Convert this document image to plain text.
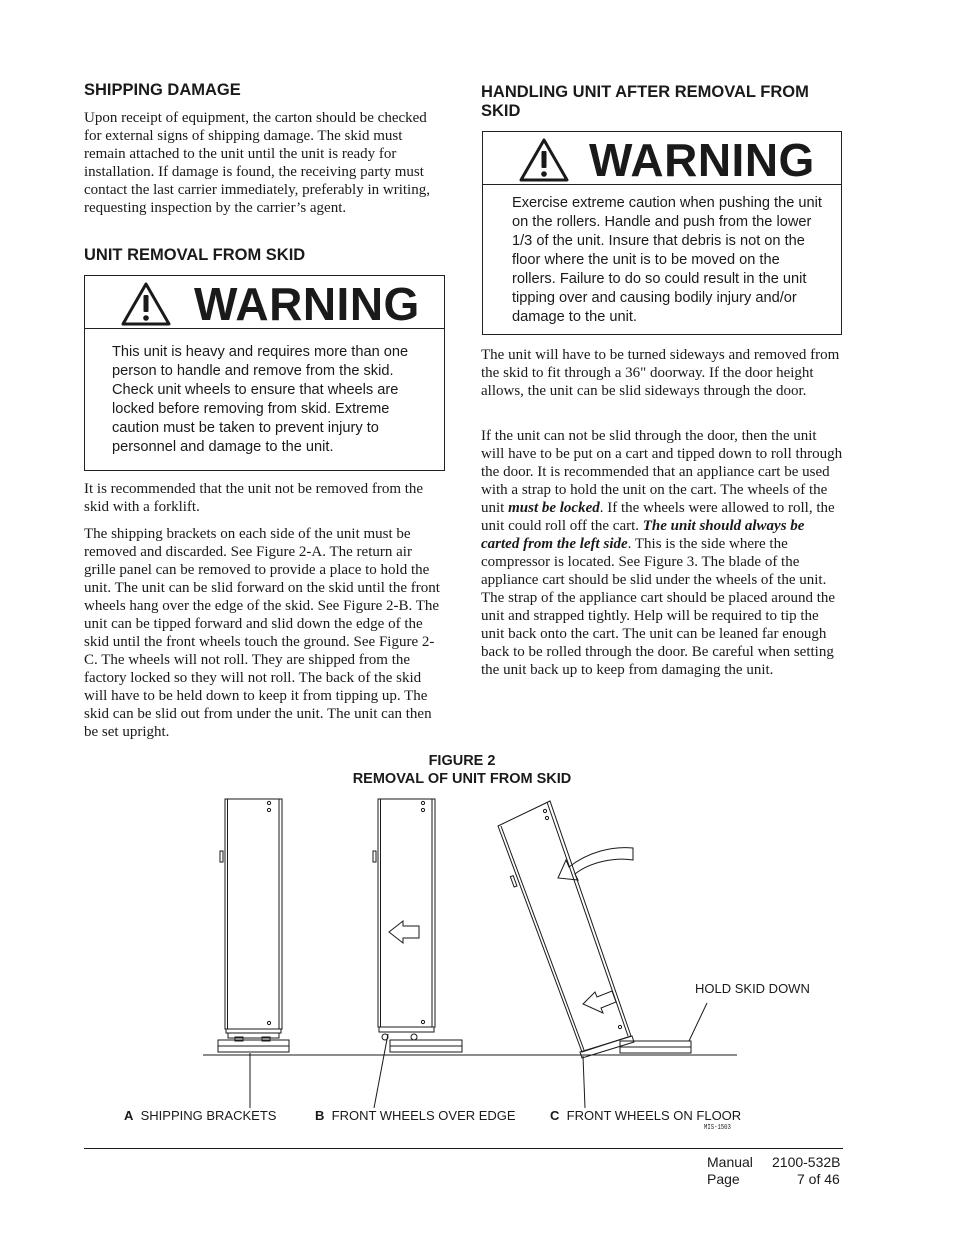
SHIPPING DAMAGE

Upon receipt of equipment, the carton should be checked for external signs of shipping damage. The skid must remain attached to the unit until the unit is ready for installation. If damage is found, the receiving party must contact the last carrier immediately, preferably in writing, requesting inspection by the carrier’s agent.

UNIT REMOVAL FROM SKID
WARNING
This unit is heavy and requires more than one person to handle and remove from the skid. Check unit wheels to ensure that wheels are locked before removing from skid. Extreme caution must be taken to prevent injury to personnel and damage to the unit.

It is recommended that the unit not be removed from the skid with a forklift.

The shipping brackets on each side of the unit must be removed and discarded. See Figure 2-A. The return air grille panel can be removed to provide a place to hold the unit. The unit can be slid forward on the skid until the front wheels hang over the edge of the skid. See Figure 2-B. The unit can be tipped forward and slid down the edge of the skid until the front wheels touch the ground. See Figure 2-C. The wheels will not roll. They are shipped from the factory locked so they will not roll. The back of the skid will have to be held down to keep it from tipping up. The skid can be slid out from under the unit. The unit can then be set upright.

HANDLING UNIT AFTER REMOVAL FROM SKID
WARNING
Exercise extreme caution when pushing the unit on the rollers. Handle and push from the lower 1/3 of the unit. Insure that debris is not on the floor where the unit is to be moved on the rollers. Failure to do so could result in the unit tipping over and causing bodily injury and/or damage to the unit.

The unit will have to be turned sideways and removed from the skid to fit through a 36" doorway. If the door height allows, the unit can be slid sideways through the door.

If the unit can not be slid through the door, then the unit will have to be put on a cart and tipped down to roll through the door. It is recommended that an appliance cart be used with a strap to hold the unit on the cart. The wheels of the unit must be locked. If the wheels were allowed to roll, the unit could roll off the cart. The unit should always be carted from the left side. This is the side where the compressor is located. See Figure 3. The blade of the appliance cart should be slid under the wheels of the unit. The strap of the appliance cart should be placed around the unit and strapped tightly. Help will be required to tip the unit back onto the cart. The unit can be leaned far enough back to be rolled through the door. Be careful when setting the unit back up to keep from damaging the unit.

FIGURE 2
REMOVAL OF UNIT FROM SKID
HOLD SKID DOWN
A SHIPPING BRACKETS	B FRONT WHEELS OVER EDGE	C FRONT WHEELS ON FLOOR
MIS-1503
Manual 2100-532B
Page	7 of 46
